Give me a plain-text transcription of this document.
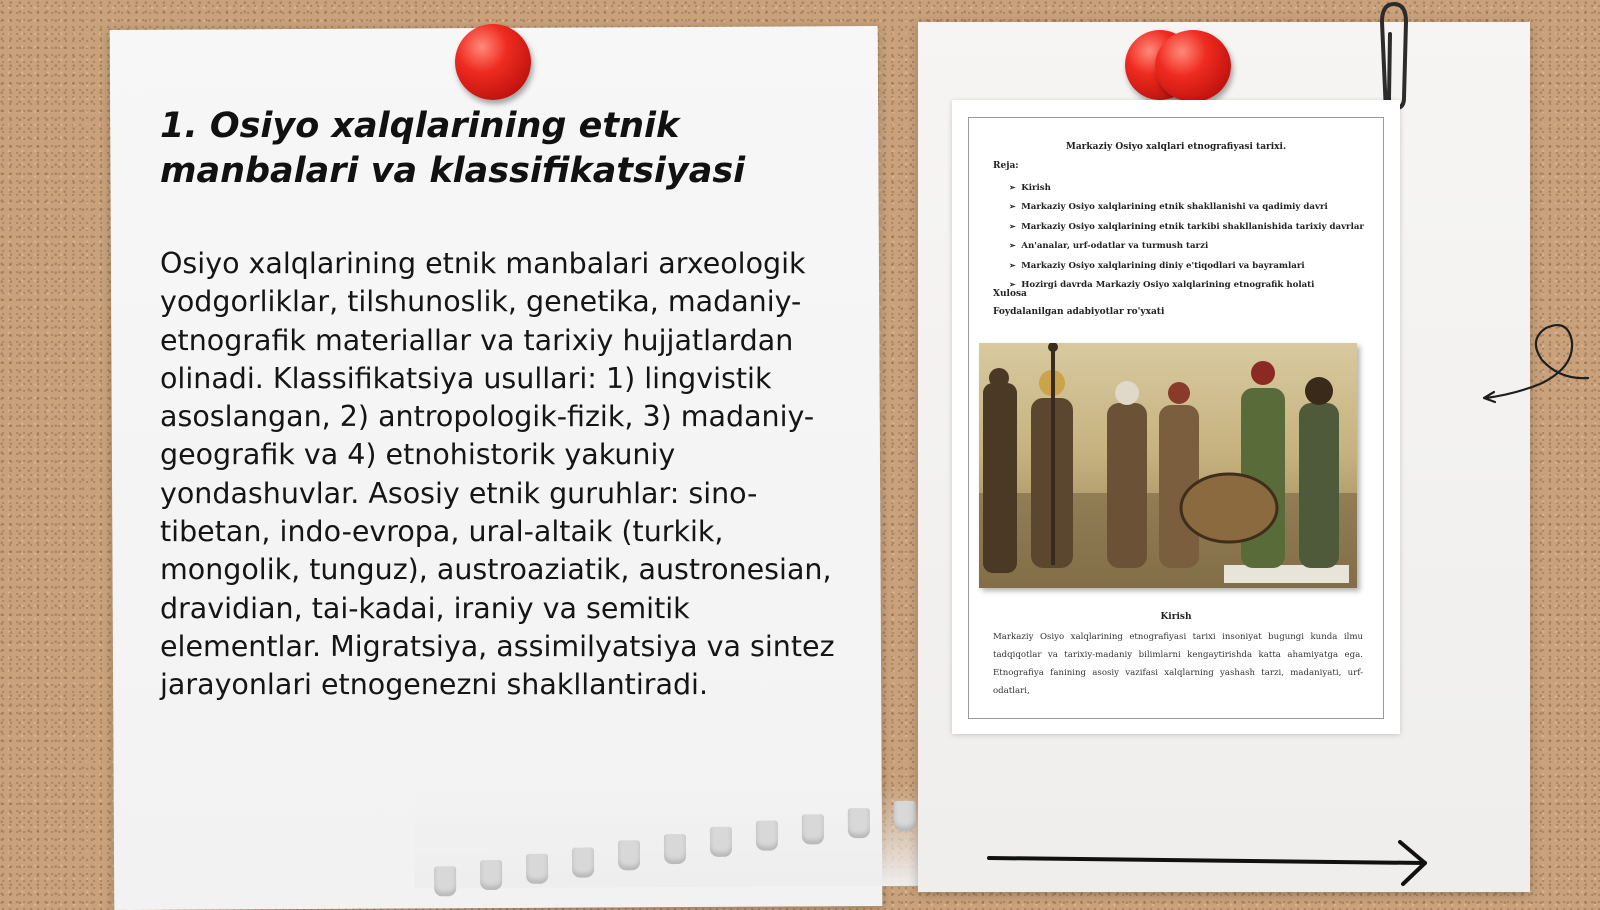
1. Osiyo xalqlarining etnik manbalari va klassifikatsiyasi

Osiyo xalqlarining etnik manbalari arxeologik yodgorliklar, tilshunoslik, genetika, madaniy-etnografik materiallar va tarixiy hujjatlardan olinadi. Klassifikatsiya usullari: 1) lingvistik asoslangan, 2) antropologik-fizik, 3) madaniy-geografik va 4) etnohistorik yakuniy yondashuvlar. Asosiy etnik guruhlar: sino-tibetan, indo-evropa, ural-altaik (turkik, mongolik, tunguz), austroaziatik, austronesian, dravidian, tai-kadai, iraniy va semitik elementlar. Migratsiya, assimilyatsiya va sintez jarayonlari etnogenezni shakllantiradi.

Markaziy Osiyo xalqlari etnografiyasi tarixi.
Reja:
➢  Kirish
➢  Markaziy Osiyo xalqlarining etnik shakllanishi va qadimiy davri
➢  Markaziy Osiyo xalqlarining etnik tarkibi shakllanishida tarixiy davrlar
➢  An'analar, urf-odatlar va turmush tarzi
➢  Markaziy Osiyo xalqlarining diniy e'tiqodlari va bayramlari
➢  Hozirgi davrda Markaziy Osiyo xalqlarining etnografik holati
Xulosa
Foydalanilgan adabiyotlar ro'yxati
Kirish
Markaziy Osiyo xalqlarining etnografiyasi tarixi insoniyat bugungi kunda ilmu tadqiqotlar va tarixiy-madaniy bilimlarni kengaytirishda katta ahamiyatga ega. Etnografiya fanining asosiy vazifasi xalqlarning yashash tarzi, madaniyati, urf-odatlari,
